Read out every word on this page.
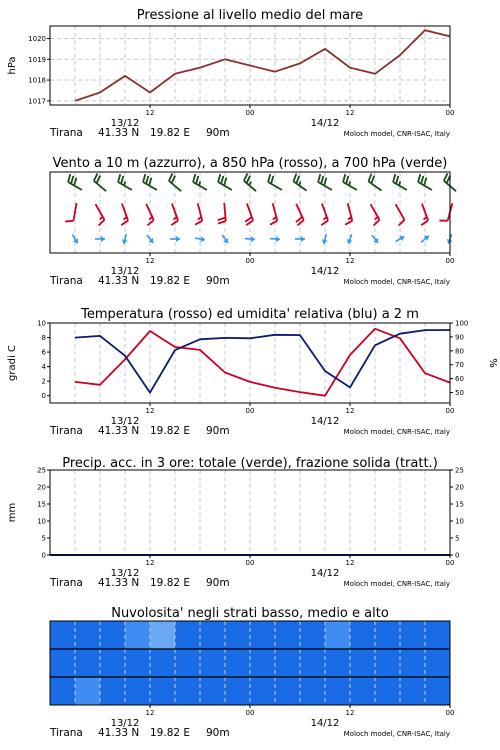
Pressione al livello medio del mare
1017
1018
1019
1020
hPa
12	00	12	00
13/12	14/12
Tirana 41.33 N 19.82 E 90m	Moloch model, CNR-ISAC, Italy
Vento a 10 m (azzurro), a 850 hPa (rosso), a 700 hPa (verde)
12	00	12	00
13/12	14/12
Tirana 41.33 N 19.82 E 90m	Moloch model, CNR-ISAC, Italy
Temperatura (rosso) ed umidita' relativa (blu) a 2 m
0
2
4
6
8
10
50
60
70
80
90
100
gradi C	%
12	00	12	00
13/12	14/12
Tirana 41.33 N 19.82 E 90m	Moloch model, CNR-ISAC, Italy
Precip. acc. in 3 ore: totale (verde), frazione solida (tratt.)
0
5
10
15
20
25
0
5
10
15
20
25
mm
12	00	12	00
13/12	14/12
Tirana 41.33 N 19.82 E 90m	Moloch model, CNR-ISAC, Italy
Nuvolosita' negli strati basso, medio e alto
12	00	12	00
13/12	14/12
Tirana 41.33 N 19.82 E 90m	Moloch model, CNR-ISAC, Italy
